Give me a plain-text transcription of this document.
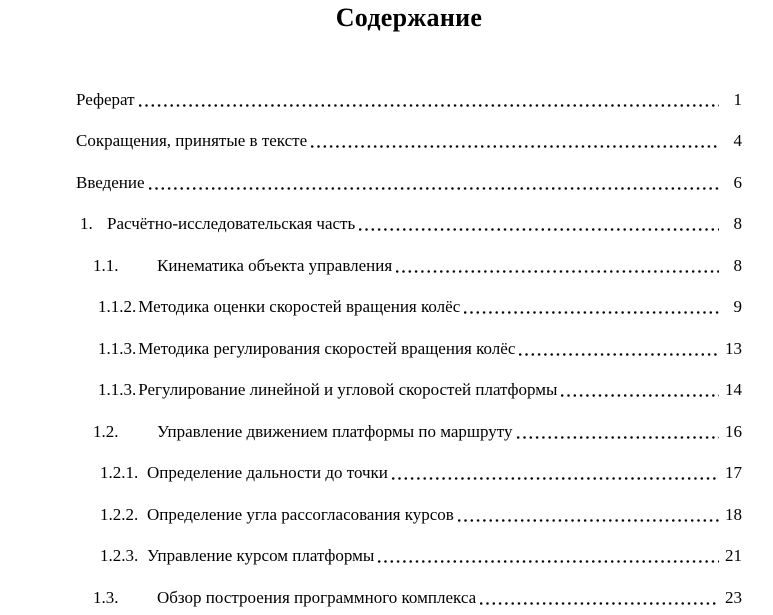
Содержание
Реферат	1
Сокращения, принятые в тексте	4
Введение	6
1. Расчётно-исследовательская часть	8
1.1.	Кинематика объекта управления	8
1.1.2. Методика оценки скоростей вращения колёс	9
1.1.3. Методика регулирования скоростей вращения колёс	13
1.1.3. Регулирование линейной и угловой скоростей платформы	14
1.2.	Управление движением платформы по маршруту	16
1.2.1. Определение дальности до точки	17
1.2.2. Определение угла рассогласования курсов	18
1.2.3. Управление курсом платформы	21
1.3.	Обзор построения программного комплекса	23
